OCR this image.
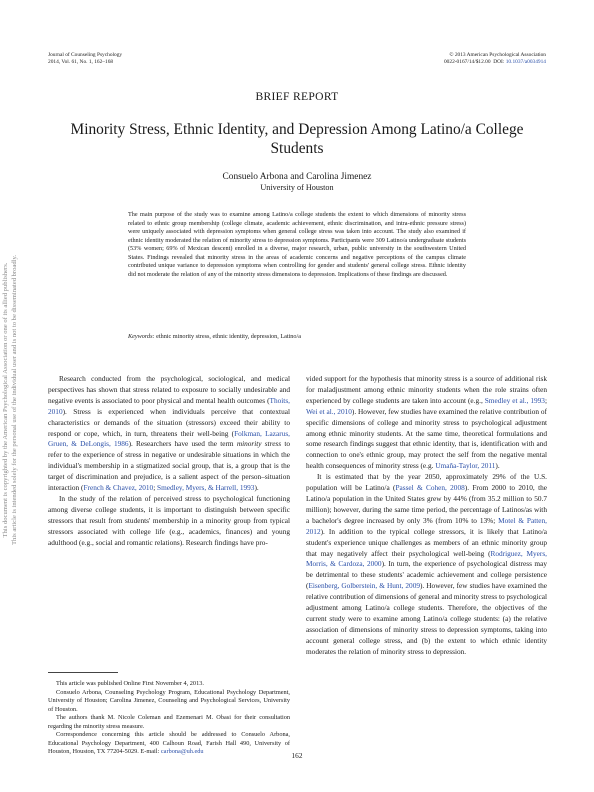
Journal of Counseling Psychology
2014, Vol. 61, No. 1, 162–168
© 2013 American Psychological Association
0022-0167/14/$12.00 DOI: 10.1037/a0034914
This document is copyrighted by the American Psychological Association or one of its allied publishers. This article is intended solely for the personal use of the individual user and is not to be disseminated broadly.
BRIEF REPORT
Minority Stress, Ethnic Identity, and Depression Among Latino/a College Students
Consuelo Arbona and Carolina Jimenez
University of Houston
The main purpose of the study was to examine among Latino/a college students the extent to which dimensions of minority stress related to ethnic group membership (college climate, academic achievement, ethnic discrimination, and intra-ethnic pressure stress) were uniquely associated with depression symptoms when general college stress was taken into account. The study also examined if ethnic identity moderated the relation of minority stress to depression symptoms. Participants were 309 Latino/a undergraduate students (53% women; 69% of Mexican descent) enrolled in a diverse, major research, urban, public university in the southwestern United States. Findings revealed that minority stress in the areas of academic concerns and negative perceptions of the campus climate contributed unique variance to depression symptoms when controlling for gender and students' general college stress. Ethnic identity did not moderate the relation of any of the minority stress dimensions to depression. Implications of these findings are discussed.
Keywords: ethnic minority stress, ethnic identity, depression, Latino/a

Research conducted from the psychological, sociological, and medical perspectives has shown that stress related to exposure to socially undesirable and negative events is associated to poor physical and mental health outcomes (Thoits, 2010). Stress is experienced when individuals perceive that contextual characteristics or demands of the situation (stressors) exceed their ability to respond or cope, which, in turn, threatens their well-being (Folkman, Lazarus, Gruen, & DeLongis, 1986). Researchers have used the term minority stress to refer to the experience of stress in negative or undesirable situations in which the individual's membership in a stigmatized social group, that is, a group that is the target of discrimination and prejudice, is a salient aspect of the person–situation interaction (French & Chavez, 2010; Smedley, Myers, & Harrell, 1993).

In the study of the relation of perceived stress to psychological functioning among diverse college students, it is important to distinguish between specific stressors that result from students' membership in a minority group from typical stressors associated with college life (e.g., academics, finances) and young adulthood (e.g., social and romantic relations). Research findings have pro-

vided support for the hypothesis that minority stress is a source of additional risk for maladjustment among ethnic minority students when the role strains often experienced by college students are taken into account (e.g., Smedley et al., 1993; Wei et al., 2010). However, few studies have examined the relative contribution of specific dimensions of college and minority stress to psychological adjustment among ethnic minority students. At the same time, theoretical formulations and some research findings suggest that ethnic identity, that is, identification with and connection to one's ethnic group, may protect the self from the negative mental health consequences of minority stress (e.g. Umaña-Taylor, 2011).

It is estimated that by the year 2050, approximately 29% of the U.S. population will be Latino/a (Passel & Cohen, 2008). From 2000 to 2010, the Latino/a population in the United States grew by 44% (from 35.2 million to 50.7 million); however, during the same time period, the percentage of Latinos/as with a bachelor's degree increased by only 3% (from 10% to 13%; Motel & Patten, 2012). In addition to the typical college stressors, it is likely that Latino/a student's experience unique challenges as members of an ethnic minority group that may negatively affect their psychological well-being (Rodriguez, Myers, Morris, & Cardoza, 2000). In turn, the experience of psychological distress may be detrimental to these students' academic achievement and college persistence (Eisenberg, Golberstein, & Hunt, 2009). However, few studies have examined the relative contribution of dimensions of general and minority stress to psychological adjustment among Latino/a college students. Therefore, the objectives of the current study were to examine among Latino/a college students: (a) the relative association of dimensions of minority stress to depression symptoms, taking into account general college stress, and (b) the extent to which ethnic identity moderates the relation of minority stress to depression.

This article was published Online First November 4, 2013.

Consuelo Arbona, Counseling Psychology Program, Educational Psychology Department, University of Houston; Carolina Jimenez, Counseling and Psychological Services, University of Houston.

The authors thank M. Nicole Coleman and Ezemenari M. Obasi for their consultation regarding the minority stress measure.

Correspondence concerning this article should be addressed to Consuelo Arbona, Educational Psychology Department, 400 Calhoun Road, Farish Hall 490, University of Houston, Houston, TX 77204-5029. E-mail: carbona@uh.edu	162
